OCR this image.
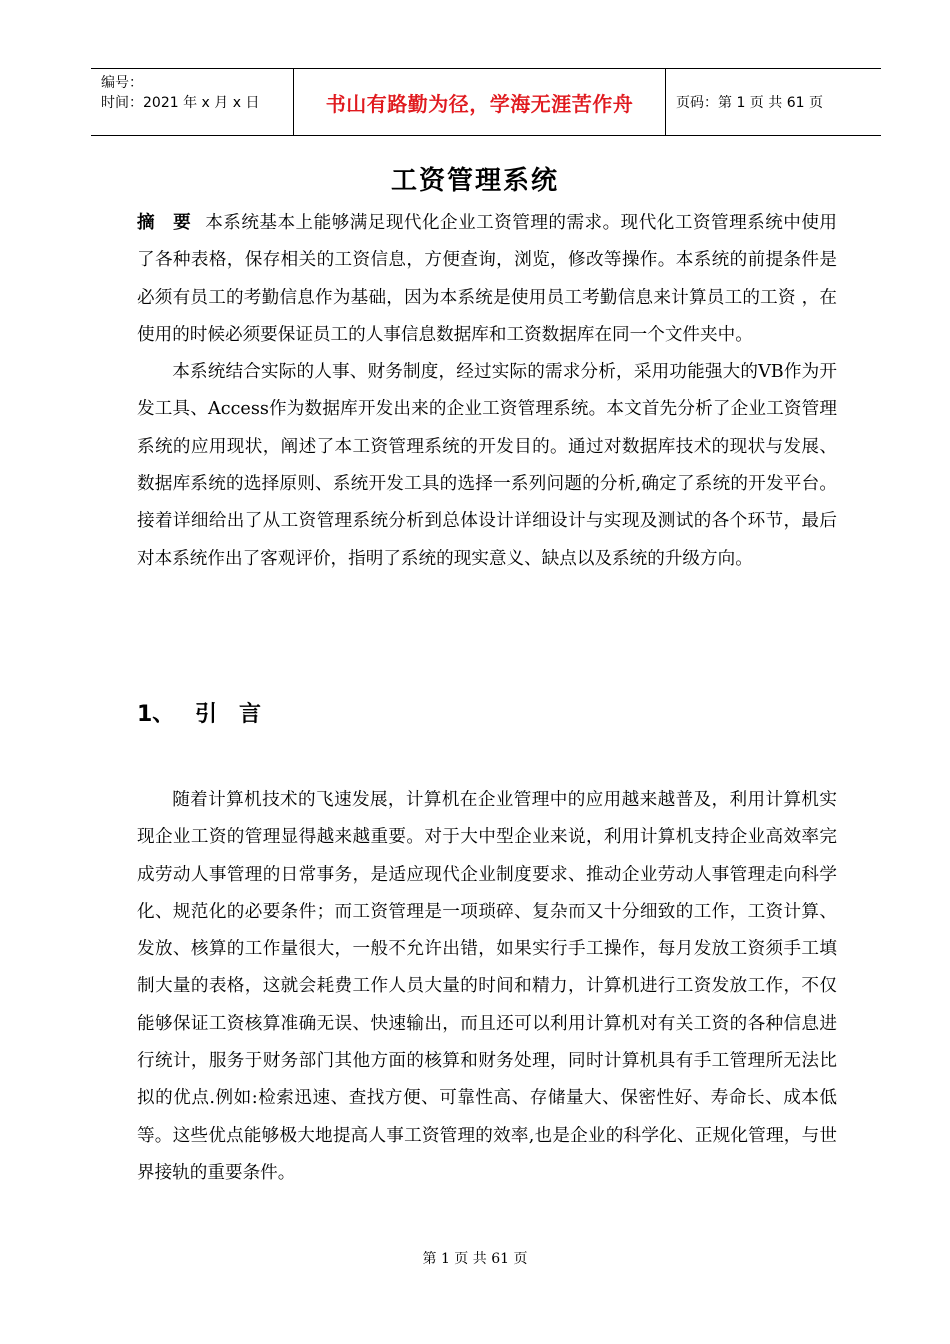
编号：
时间：2021 年 x 月 x 日	书山有路勤为径，学海无涯苦作舟	页码：第 1 页 共 61 页
工资管理系统

摘　要 本系统基本上能够满足现代化企业工资管理的需求。现代化工资管理系统中使用了各种表格，保存相关的工资信息，方便查询，浏览，修改等操作。本系统的前提条件是必须有员工的考勤信息作为基础，因为本系统是使用员工考勤信息来计算员工的工资 ，在使用的时候必须要保证员工的人事信息数据库和工资数据库在同一个文件夹中。

本系统结合实际的人事、财务制度，经过实际的需求分析，采用功能强大的VB作为开发工具、Access作为数据库开发出来的企业工资管理系统。本文首先分析了企业工资管理系统的应用现状，阐述了本工资管理系统的开发目的。通过对数据库技术的现状与发展、数据库系统的选择原则、系统开发工具的选择一系列问题的分析,确定了系统的开发平台。接着详细给出了从工资管理系统分析到总体设计详细设计与实现及测试的各个环节，最后对本系统作出了客观评价，指明了系统的现实意义、缺点以及系统的升级方向。

1、 引　言

随着计算机技术的飞速发展，计算机在企业管理中的应用越来越普及，利用计算机实现企业工资的管理显得越来越重要。对于大中型企业来说，利用计算机支持企业高效率完成劳动人事管理的日常事务，是适应现代企业制度要求、推动企业劳动人事管理走向科学化、规范化的必要条件；而工资管理是一项琐碎、复杂而又十分细致的工作，工资计算、发放、核算的工作量很大，一般不允许出错，如果实行手工操作，每月发放工资须手工填制大量的表格，这就会耗费工作人员大量的时间和精力，计算机进行工资发放工作，不仅能够保证工资核算准确无误、快速输出，而且还可以利用计算机对有关工资的各种信息进行统计，服务于财务部门其他方面的核算和财务处理，同时计算机具有手工管理所无法比拟的优点.例如:检索迅速、查找方便、可靠性高、存储量大、保密性好、寿命长、成本低等。这些优点能够极大地提高人事工资管理的效率,也是企业的科学化、正规化管理，与世界接轨的重要条件。

第 1 页 共 61 页
